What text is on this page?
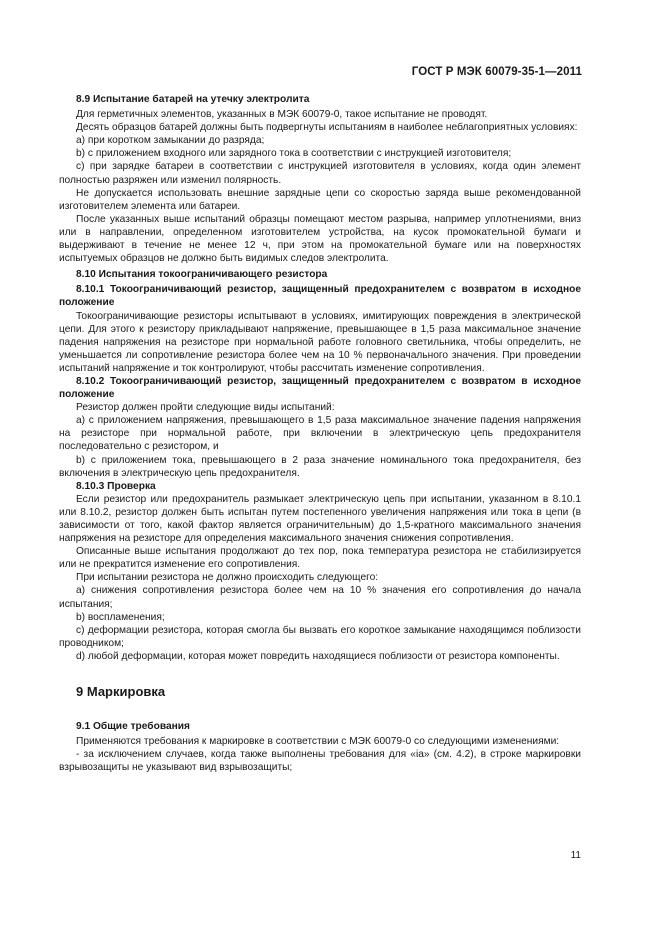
ГОСТ Р МЭК 60079-35-1—2011

8.9 Испытание батарей на утечку электролита

Для герметичных элементов, указанных в МЭК 60079-0, такое испытание не проводят.

Десять образцов батарей должны быть подвергнуты испытаниям в наиболее неблагоприятных условиях:

а) при коротком замыкании до разряда;

b) с приложением входного или зарядного тока в соответствии с инструкцией изготовителя;

c) при зарядке батареи в соответствии с инструкцией изготовителя в условиях, когда один элемент полностью разряжен или изменил полярность.

Не допускается использовать внешние зарядные цепи со скоростью заряда выше рекомендованной изготовителем элемента или батареи.

После указанных выше испытаний образцы помещают местом разрыва, например уплотнениями, вниз или в направлении, определенном изготовителем устройства, на кусок промокательной бумаги и выдерживают в течение не менее 12 ч, при этом на промокательной бумаге или на поверхностях испытуемых образцов не должно быть видимых следов электролита.

8.10 Испытания токоограничивающего резистора

8.10.1 Токоограничивающий резистор, защищенный предохранителем с возвратом в исходное положение

Токоограничивающие резисторы испытывают в условиях, имитирующих повреждения в электрической цепи. Для этого к резистору прикладывают напряжение, превышающее в 1,5 раза максимальное значение падения напряжения на резисторе при нормальной работе головного светильника, чтобы определить, не уменьшается ли сопротивление резистора более чем на 10 % первоначального значения. При проведении испытаний напряжение и ток контролируют, чтобы рассчитать изменение сопротивления.

8.10.2 Токоограничивающий резистор, защищенный предохранителем c возвратом в исходное положение

Резистор должен пройти следующие виды испытаний:

а) с приложением напряжения, превышающего в 1,5 раза максимальное значение падения напряжения на резисторе при нормальной работе, при включении в электрическую цепь предохранителя последовательно с резистором, и

b) с приложением тока, превышающего в 2 раза значение номинального тока предохранителя, без включения в электрическую цепь предохранителя.

8.10.3 Проверка

Если резистор или предохранитель размыкает электрическую цепь при испытании, указанном в 8.10.1 или 8.10.2, резистор должен быть испытан путем постепенного увеличения напряжения или тока в цепи (в зависимости от того, какой фактор является ограничительным) до 1,5-кратного максимального значения напряжения на резисторе для определения максимального значения снижения сопротивления.

Описанные выше испытания продолжают до тех пор, пока температура резистора не стабилизируется или не прекратится изменение его сопротивления.

При испытании резистора не должно происходить следующего:

а) снижения сопротивления резистора более чем на 10 % значения его сопротивления до начала испытания;

b) воспламенения;

c) деформации резистора, которая смогла бы вызвать его короткое замыкание находящимся поблизости проводником;

d) любой деформации, которая может повредить находящиеся поблизости от резистора компоненты.

9 Маркировка

9.1 Общие требования

Применяются требования к маркировке в соответствии с МЭК 60079-0 со следующими изменениями:

- за исключением случаев, когда также выполнены требования для «ia» (см. 4.2), в строке маркировки взрывозащиты не указывают вид взрывозащиты;

11
